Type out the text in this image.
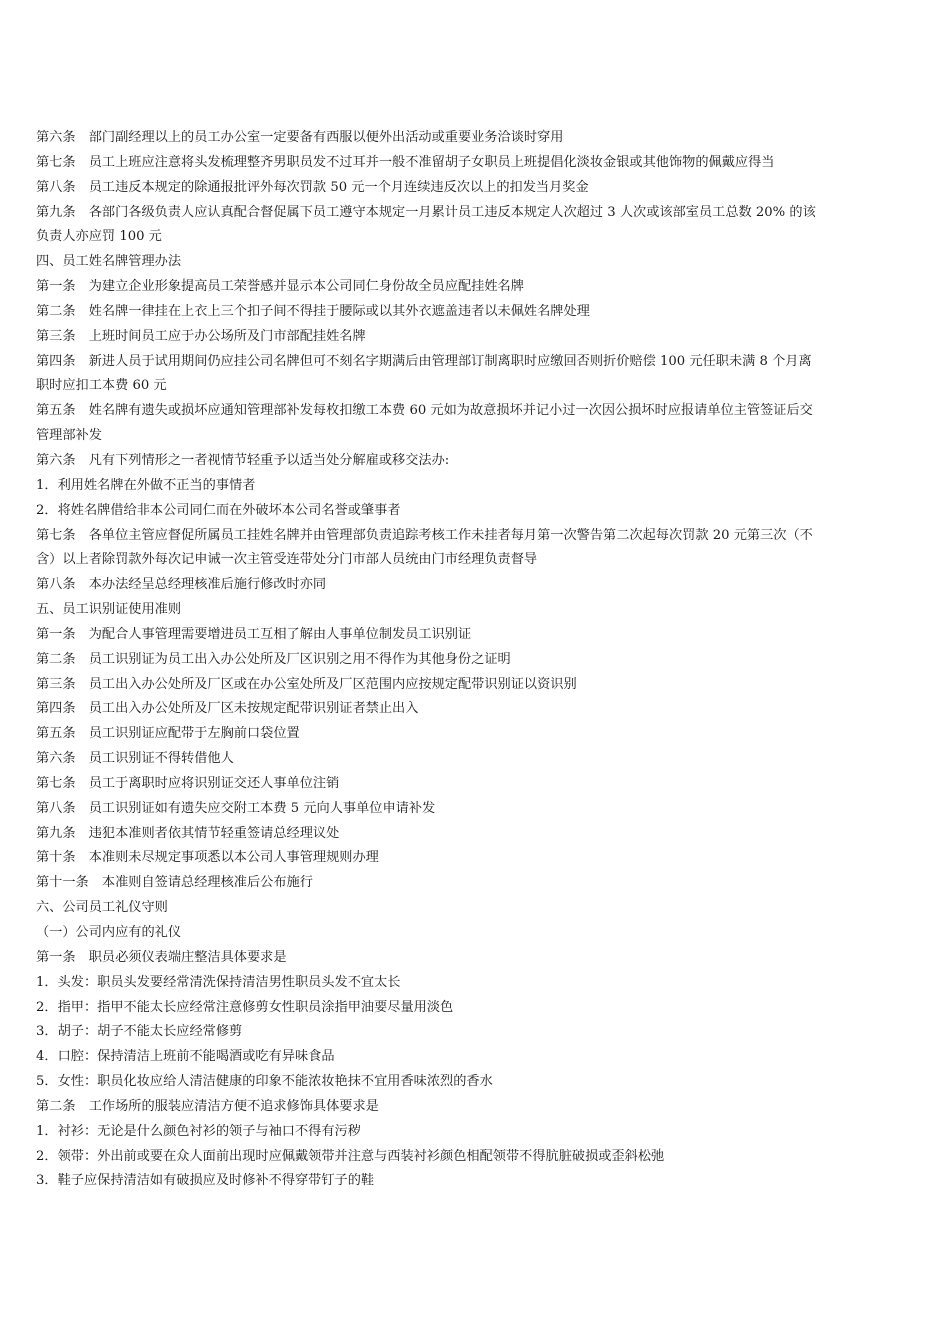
第六条　部门副经理以上的员工办公室一定要备有西服以便外出活动或重要业务洽谈时穿用

第七条　员工上班应注意将头发梳理整齐男职员发不过耳并一般不准留胡子女职员上班提倡化淡妆金银或其他饰物的佩戴应得当

第八条　员工违反本规定的除通报批评外每次罚款 50 元一个月连续违反次以上的扣发当月奖金

第九条　各部门各级负责人应认真配合督促属下员工遵守本规定一月累计员工违反本规定人次超过 3 人次或该部室员工总数 20% 的该负责人亦应罚 100 元

四、员工姓名牌管理办法

第一条　为建立企业形象提高员工荣誉感并显示本公司同仁身份故全员应配挂姓名牌

第二条　姓名牌一律挂在上衣上三个扣子间不得挂于腰际或以其外衣遮盖违者以未佩姓名牌处理

第三条　上班时间员工应于办公场所及门市部配挂姓名牌

第四条　新进人员于试用期间仍应挂公司名牌但可不刻名字期满后由管理部订制离职时应缴回否则折价赔偿 100 元任职未满 8 个月离职时应扣工本费 60 元

第五条　姓名牌有遗失或损坏应通知管理部补发每枚扣缴工本费 60 元如为故意损坏并记小过一次因公损坏时应报请单位主管签证后交管理部补发

第六条　凡有下列情形之一者视情节轻重予以适当处分解雇或移交法办:

1．利用姓名牌在外做不正当的事情者

2．将姓名牌借给非本公司同仁而在外破坏本公司名誉或肇事者

第七条　各单位主管应督促所属员工挂姓名牌并由管理部负责追踪考核工作未挂者每月第一次警告第二次起每次罚款 20 元第三次（不含）以上者除罚款外每次记申诫一次主管受连带处分门市部人员统由门市经理负责督导

第八条　本办法经呈总经理核准后施行修改时亦同

五、员工识别证使用准则

第一条　为配合人事管理需要增进员工互相了解由人事单位制发员工识别证

第二条　员工识别证为员工出入办公处所及厂区识别之用不得作为其他身份之证明

第三条　员工出入办公处所及厂区或在办公室处所及厂区范围内应按规定配带识别证以资识别

第四条　员工出入办公处所及厂区未按规定配带识别证者禁止出入

第五条　员工识别证应配带于左胸前口袋位置

第六条　员工识别证不得转借他人

第七条　员工于离职时应将识别证交还人事单位注销

第八条　员工识别证如有遗失应交附工本费 5 元向人事单位申请补发

第九条　违犯本准则者依其情节轻重签请总经理议处

第十条　本准则未尽规定事项悉以本公司人事管理规则办理

第十一条　本准则自签请总经理核准后公布施行

六、公司员工礼仪守则

（一）公司内应有的礼仪

第一条　职员必须仪表端庄整洁具体要求是

1．头发：职员头发要经常清洗保持清洁男性职员头发不宜太长

2．指甲：指甲不能太长应经常注意修剪女性职员涂指甲油要尽量用淡色

3．胡子：胡子不能太长应经常修剪

4．口腔：保持清洁上班前不能喝酒或吃有异味食品

5．女性：职员化妆应给人清洁健康的印象不能浓妆艳抹不宜用香味浓烈的香水

第二条　工作场所的服装应清洁方便不追求修饰具体要求是

1．衬衫：无论是什么颜色衬衫的领子与袖口不得有污秽

2．领带：外出前或要在众人面前出现时应佩戴领带并注意与西装衬衫颜色相配领带不得肮脏破损或歪斜松弛

3．鞋子应保持清洁如有破损应及时修补不得穿带钉子的鞋
